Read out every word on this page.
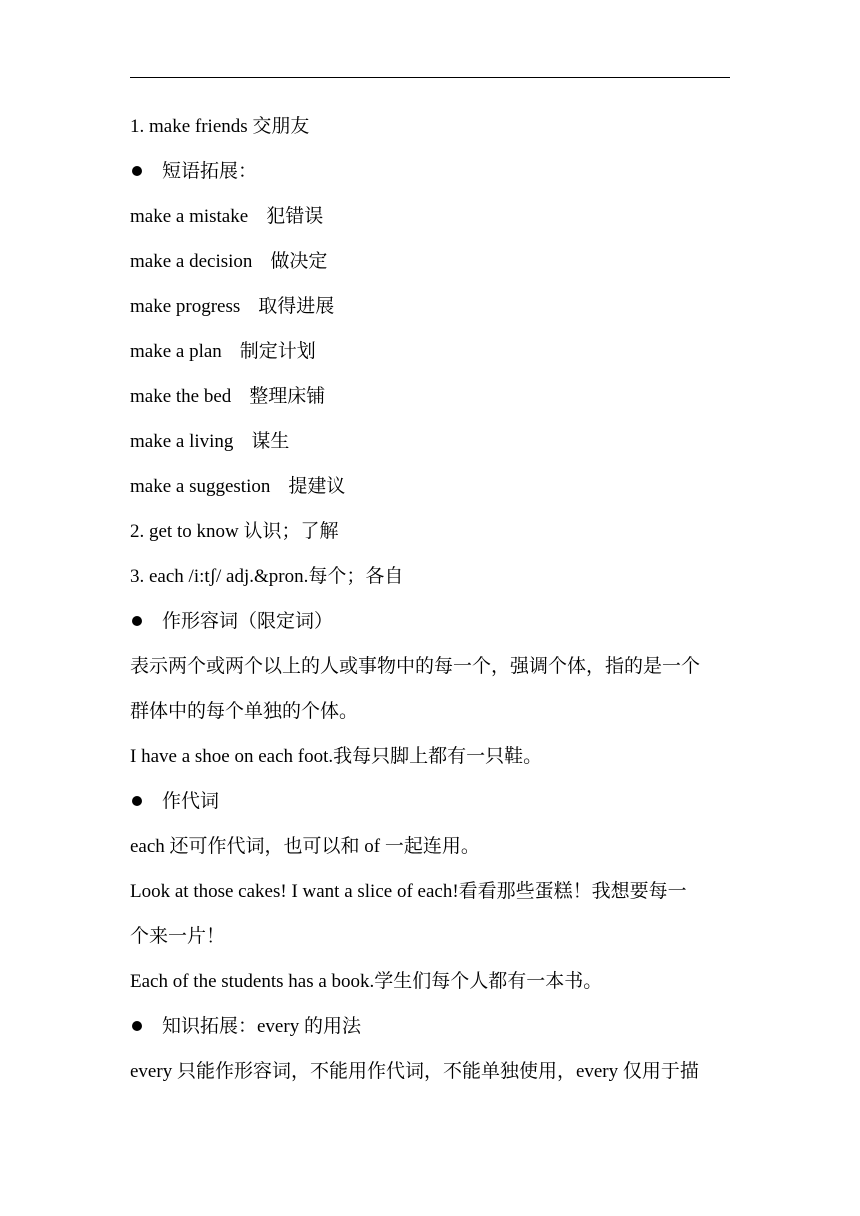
1. make friends 交朋友
短语拓展：
make a mistake 犯错误
make a decision 做决定
make progress 取得进展
make a plan 制定计划
make the bed 整理床铺
make a living 谋生
make a suggestion 提建议
2. get to know 认识；了解
3. each /i:tʃ/ adj.&pron.每个；各自
作形容词（限定词）
表示两个或两个以上的人或事物中的每一个，强调个体，指的是一个
群体中的每个单独的个体。
I have a shoe on each foot.我每只脚上都有一只鞋。
作代词
each 还可作代词，也可以和 of 一起连用。
Look at those cakes! I want a slice of each!看看那些蛋糕！我想要每一
个来一片！
Each of the students has a book.学生们每个人都有一本书。
知识拓展：every 的用法
every 只能作形容词，不能用作代词，不能单独使用，every 仅用于描
